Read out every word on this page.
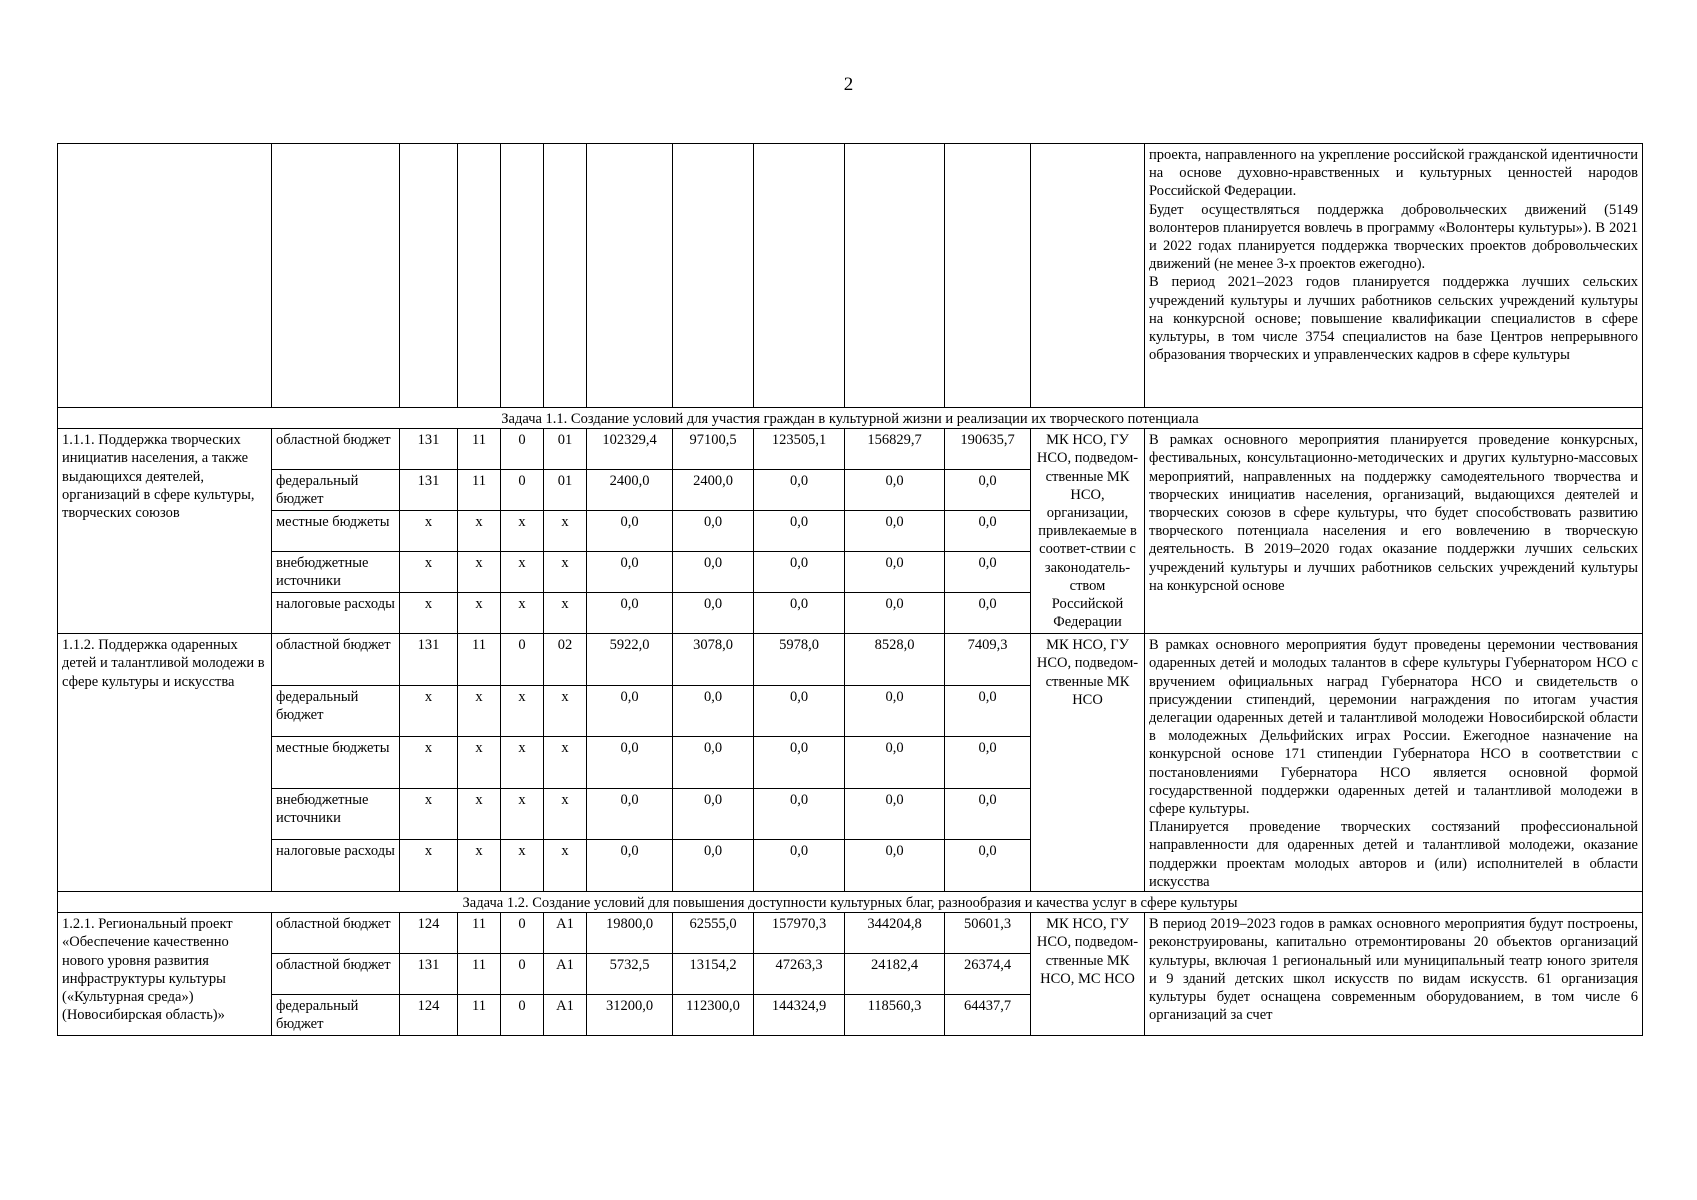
2

												проекта, направленного на укрепление российской гражданской идентичности на основе духовно-нравственных и культурных ценностей народов Российской Федерации.
Будет осуществляться поддержка добровольческих движений (5149 волонтеров планируется вовлечь в программу «Волонтеры культуры»). В 2021 и 2022 годах планируется поддержка творческих проектов добровольческих движений (не менее 3-х проектов ежегодно).
В период 2021–2023 годов планируется поддержка лучших сельских учреждений культуры и лучших работников сельских учреждений культуры на конкурсной основе; повышение квалификации специалистов в сфере культуры, в том числе 3754 специалистов на базе Центров непрерывного образования творческих и управленческих кадров в сфере культуры

Задача 1.1. Создание условий для участия граждан в культурной жизни и реализации их творческого потенциала												
1.1.1. Поддержка творческих инициатив населения, а также выдающихся деятелей, организаций в сфере культуры, творческих союзов	областной бюджет	131	11	0	01	102329,4	97100,5	123505,1	156829,7	190635,7	МК НСО, ГУ НСО, подведом-ственные МК НСО, организации, привлекаемые в соответ-ствии с законодатель-ством Российской Федерации	В рамках основного мероприятия планируется проведение конкурсных, фестивальных, консультационно-методических и других культурно-массовых мероприятий, направленных на поддержку самодеятельного творчества и творческих инициатив населения, организаций, выдающихся деятелей и творческих союзов в сфере культуры, что будет способствовать развитию творческого потенциала населения и его вовлечению в творческую деятельность. В 2019–2020 годах оказание поддержки лучших сельских учреждений культуры и лучших работников сельских учреждений культуры на конкурсной основе
	федеральный бюджет	131	11	0	01	2400,0	2400,0	0,0	0,0	0,0		
	местные бюджеты	х	х	х	х	0,0	0,0	0,0	0,0	0,0		
	внебюджетные источники	х	х	х	х	0,0	0,0	0,0	0,0	0,0		
	налоговые расходы	х	х	х	х	0,0	0,0	0,0	0,0	0,0		
1.1.2. Поддержка одаренных детей и талантливой молодежи в сфере культуры и искусства	областной бюджет	131	11	0	02	5922,0	3078,0	5978,0	8528,0	7409,3	МК НСО, ГУ НСО, подведом-ственные МК НСО	В рамках основного мероприятия будут проведены церемонии чествования одаренных детей и молодых талантов в сфере культуры Губернатором НСО с вручением официальных наград Губернатора НСО и свидетельств о присуждении стипендий, церемонии награждения по итогам участия делегации одаренных детей и талантливой молодежи Новосибирской области в молодежных Дельфийских играх России. Ежегодное назначение на конкурсной основе 171 стипендии Губернатора НСО в соответствии с постановлениями Губернатора НСО является основной формой государственной поддержки одаренных детей и талантливой молодежи в сфере культуры.
Планируется проведение творческих состязаний профессиональной направленности для одаренных детей и талантливой молодежи, оказание поддержки проектам молодых авторов и (или) исполнителей в области искусства

	федеральный бюджет	х	х	х	х	0,0	0,0	0,0	0,0	0,0		
	местные бюджеты	х	х	х	х	0,0	0,0	0,0	0,0	0,0		
	внебюджетные источники	х	х	х	х	0,0	0,0	0,0	0,0	0,0		
	налоговые расходы	х	х	х	х	0,0	0,0	0,0	0,0	0,0		
Задача 1.2. Создание условий для повышения доступности культурных благ, разнообразия и качества услуг в сфере культуры												
1.2.1. Региональный проект «Обеспечение качественно нового уровня развития инфраструктуры культуры («Культурная среда») (Новосибирская область)»	областной бюджет	124	11	0	А1	19800,0	62555,0	157970,3	344204,8	50601,3	МК НСО, ГУ НСО, подведом-ственные МК НСО, МС НСО	В период 2019–2023 годов в рамках основного мероприятия будут построены, реконструированы, капитально отремонтированы 20 объектов организаций культуры, включая 1 региональный или муниципальный театр юного зрителя и 9 зданий детских школ искусств по видам искусств. 61 организация культуры будет оснащена современным оборудованием, в том числе 6 организаций за счет
	областной бюджет	131	11	0	А1	5732,5	13154,2	47263,3	24182,4	26374,4		
	федеральный бюджет	124	11	0	А1	31200,0	112300,0	144324,9	118560,3	64437,7		
